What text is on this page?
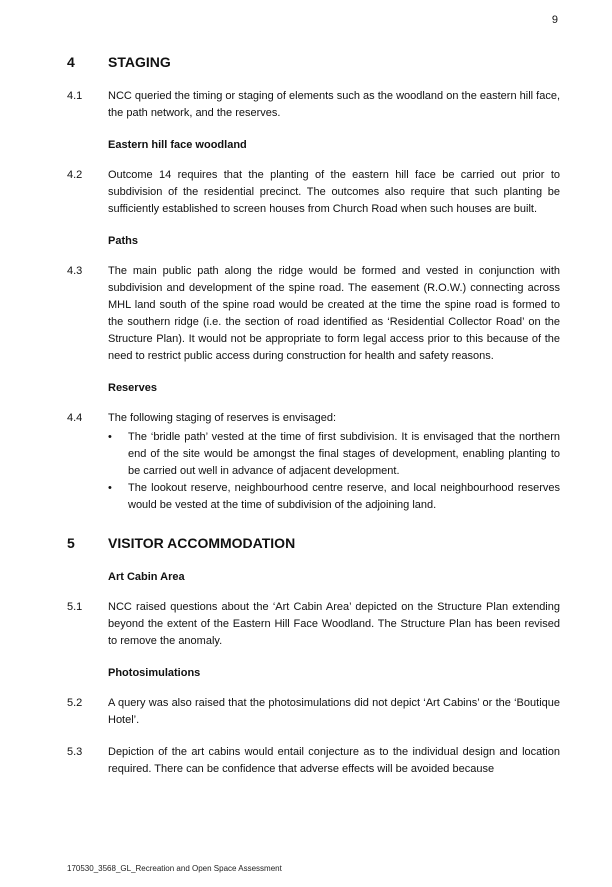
9
4	STAGING
4.1	NCC queried the timing or staging of elements such as the woodland on the eastern hill face, the path network, and the reserves.
Eastern hill face woodland
4.2	Outcome 14 requires that the planting of the eastern hill face be carried out prior to subdivision of the residential precinct. The outcomes also require that such planting be sufficiently established to screen houses from Church Road when such houses are built.
Paths
4.3	The main public path along the ridge would be formed and vested in conjunction with subdivision and development of the spine road. The easement (R.O.W.) connecting across MHL land south of the spine road would be created at the time the spine road is formed to the southern ridge (i.e. the section of road identified as ‘Residential Collector Road’ on the Structure Plan). It would not be appropriate to form legal access prior to this because of the need to restrict public access during construction for health and safety reasons.
Reserves
4.4	The following staging of reserves is envisaged:
•	The ‘bridle path’ vested at the time of first subdivision. It is envisaged that the northern end of the site would be amongst the final stages of development, enabling planting to be carried out well in advance of adjacent development.
•	The lookout reserve, neighbourhood centre reserve, and local neighbourhood reserves would be vested at the time of subdivision of the adjoining land.
5	VISITOR ACCOMMODATION
Art Cabin Area
5.1	NCC raised questions about the ‘Art Cabin Area’ depicted on the Structure Plan extending beyond the extent of the Eastern Hill Face Woodland. The Structure Plan has been revised to remove the anomaly.
Photosimulations
5.2	A query was also raised that the photosimulations did not depict ‘Art Cabins’ or the ‘Boutique Hotel’.
5.3	Depiction of the art cabins would entail conjecture as to the individual design and location required. There can be confidence that adverse effects will be avoided because
170530_3568_GL_Recreation and Open Space Assessment
